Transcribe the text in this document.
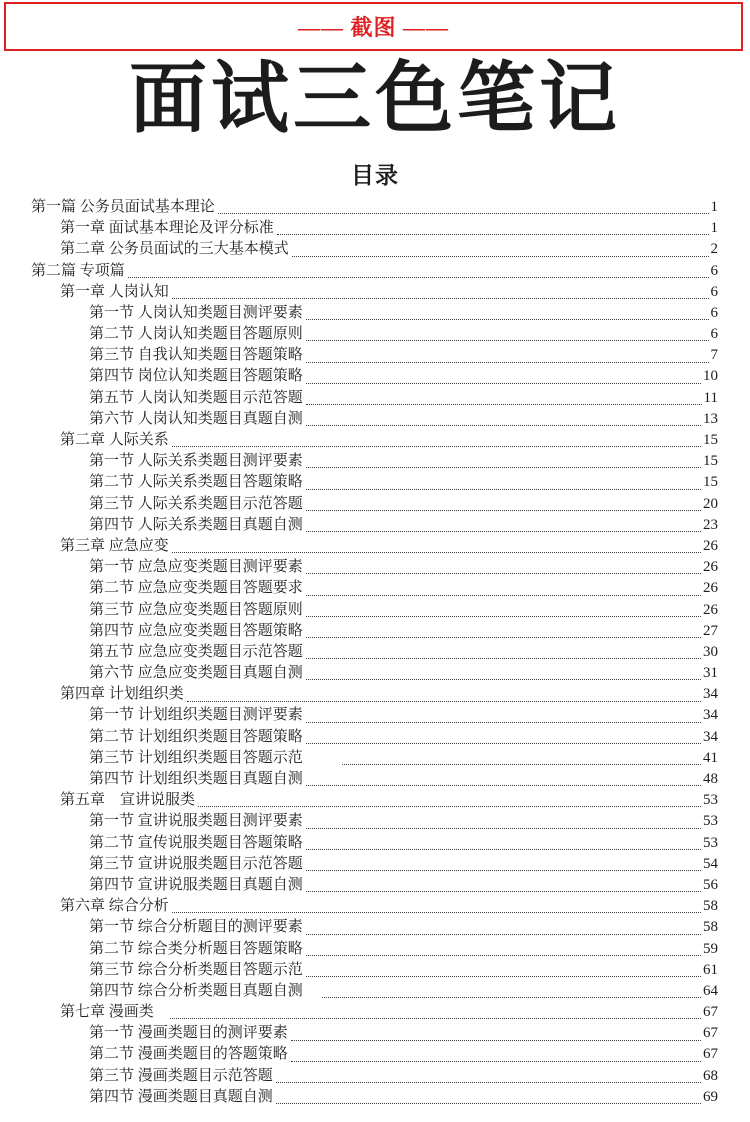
—— 截图 ——
面试三色笔记
目录
第一篇 公务员面试基本理论	1
第一章 面试基本理论及评分标准	1
第二章 公务员面试的三大基本模式	2
第二篇 专项篇	6
第一章 人岗认知	6
第一节 人岗认知类题目测评要素	6
第二节 人岗认知类题目答题原则	6
第三节 自我认知类题目答题策略	7
第四节 岗位认知类题目答题策略	10
第五节 人岗认知类题目示范答题	11
第六节 人岗认知类题目真题自测	13
第二章 人际关系	15
第一节 人际关系类题目测评要素	15
第二节 人际关系类题目答题策略	15
第三节 人际关系类题目示范答题	20
第四节 人际关系类题目真题自测	23
第三章 应急应变	26
第一节 应急应变类题目测评要素	26
第二节 应急应变类题目答题要求	26
第三节 应急应变类题目答题原则	26
第四节 应急应变类题目答题策略	27
第五节 应急应变类题目示范答题	30
第六节 应急应变类题目真题自测	31
第四章 计划组织类	34
第一节 计划组织类题目测评要素	34
第二节 计划组织类题目答题策略	34
第三节 计划组织类题目答题示范	41
第四节 计划组织类题目真题自测	48
第五章　宣讲说服类	53
第一节 宣讲说服类题目测评要素	53
第二节 宣传说服类题目答题策略	53
第三节 宣讲说服类题目示范答题	54
第四节 宣讲说服类题目真题自测	56
第六章 综合分析	58
第一节 综合分析题目的测评要素	58
第二节 综合类分析题目答题策略	59
第三节 综合分析类题目答题示范	61
第四节 综合分析类题目真题自测	64
第七章 漫画类	67
第一节 漫画类题目的测评要素	67
第二节 漫画类题目的答题策略	67
第三节 漫画类题目示范答题	68
第四节 漫画类题目真题自测	69
